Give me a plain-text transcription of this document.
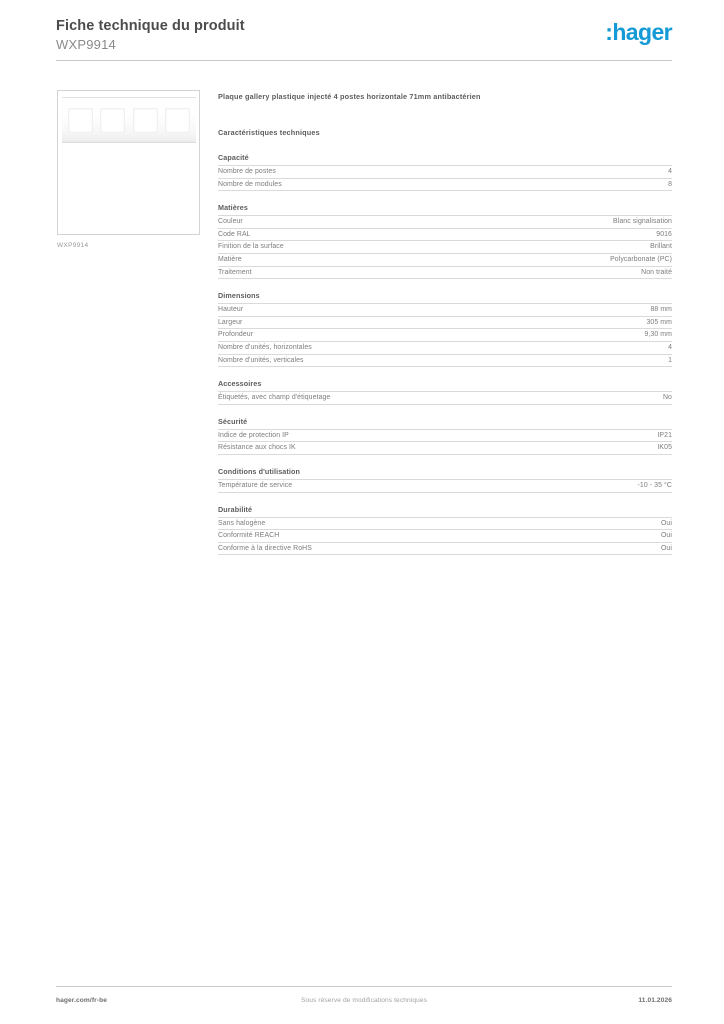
Fiche technique du produit
WXP9914	:hager
WXP9914
Plaque gallery plastique injecté 4 postes horizontale 71mm antibactérien
Caractéristiques techniques
Capacité
Nombre de postes	4
Nombre de modules	8
Matières
Couleur	Blanc signalisation
Code RAL	9016
Finition de la surface	Brillant
Matière	Polycarbonate (PC)
Traitement	Non traité
Dimensions
Hauteur	88 mm
Largeur	305 mm
Profondeur	9,30 mm
Nombre d'unités, horizontales	4
Nombre d'unités, verticales	1
Accessoires
Étiquetés, avec champ d'étiquetage	No
Sécurité
Indice de protection IP	IP21
Résistance aux chocs IK	IK05
Conditions d'utilisation
Température de service	-10 - 35 °C
Durabilité
Sans halogène	Oui
Conformité REACH	Oui
Conforme à la directive RoHS	Oui
hager.com/fr-be	Sous réserve de modifications techniques	11.01.2026
